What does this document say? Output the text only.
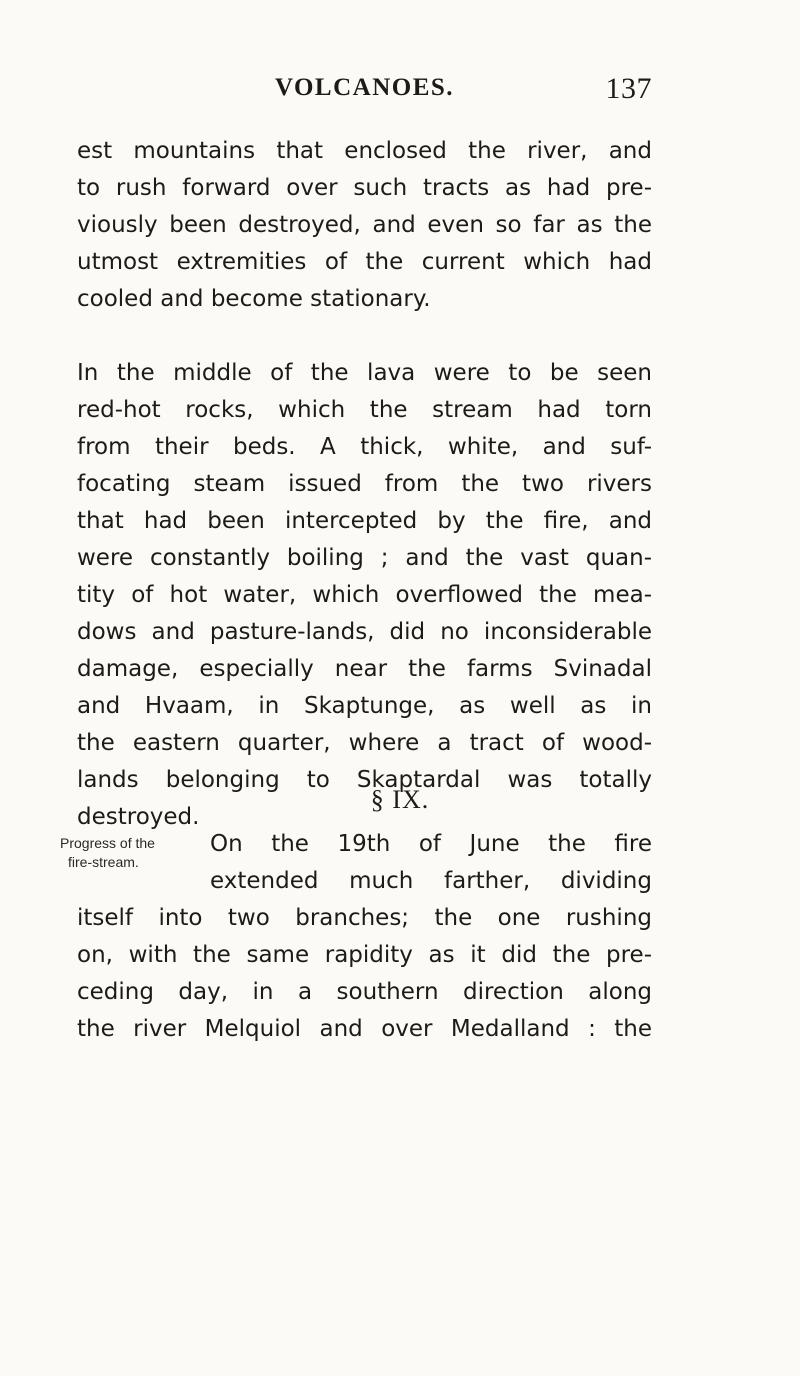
VOLCANOES.	137
est mountains that enclosed the river, and
to rush forward over such tracts as had pre-
viously been destroyed, and even so far as the
utmost extremities of the current which had
cooled and become stationary.
In the middle of the lava were to be seen
red-hot rocks, which the stream had torn
from their beds. A thick, white, and suf-
focating steam issued from the two rivers
that had been intercepted by the fire, and
were constantly boiling ; and the vast quan-
tity of hot water, which overflowed the mea-
dows and pasture-lands, did no inconsiderable
damage, especially near the farms Svinadal
and Hvaam, in Skaptunge, as well as in
the eastern quarter, where a tract of wood-
lands belonging to Skaptardal was totally
destroyed.
§ IX.
Progress of the
fire-stream.
On the 19th of June the fire
extended much farther, dividing
itself into two branches; the one rushing
on, with the same rapidity as it did the pre-
ceding day, in a southern direction along
the river Melquiol and over Medalland : the
